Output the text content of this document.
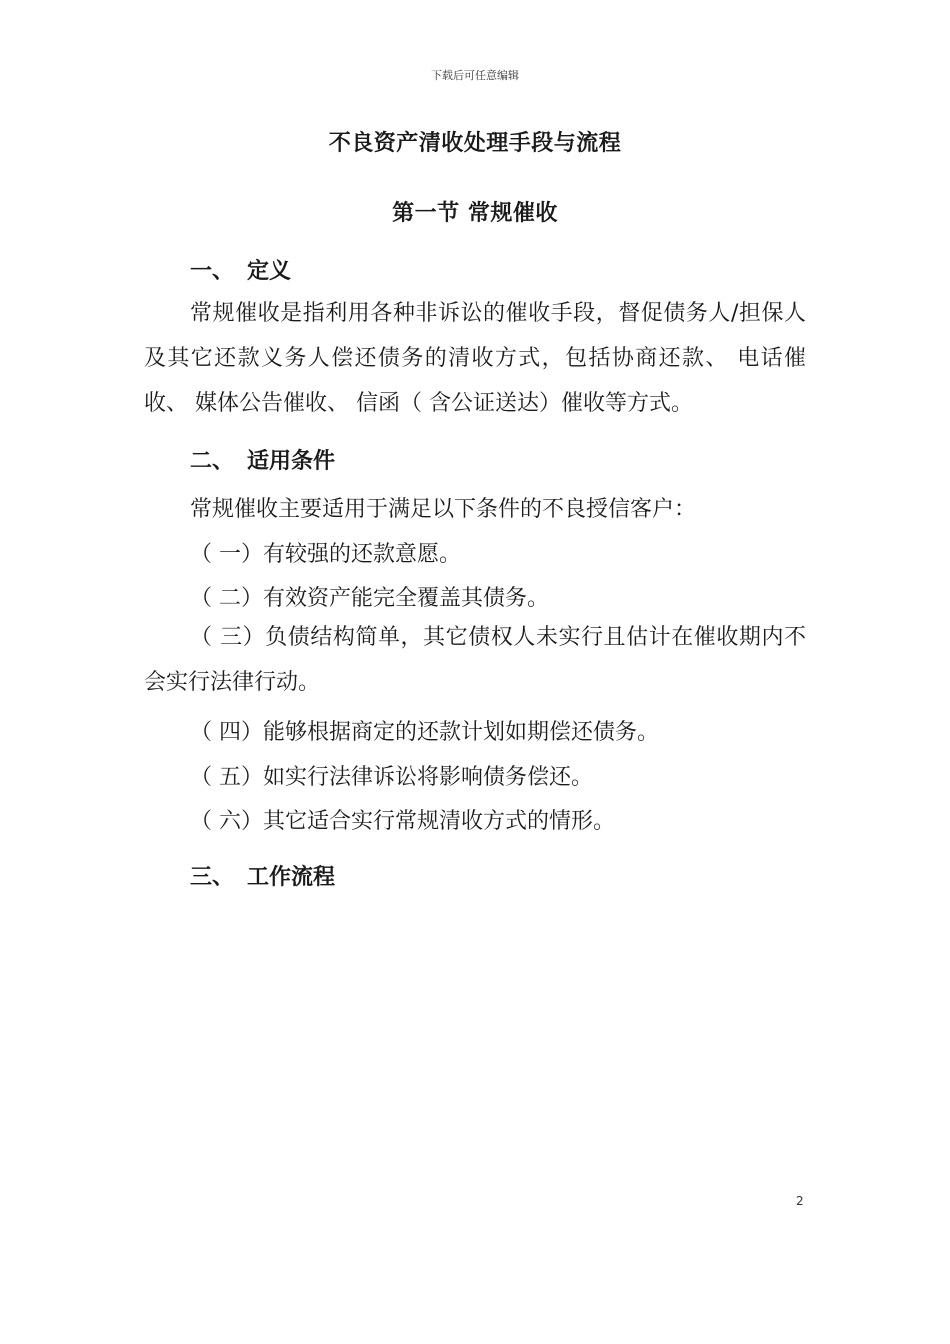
下载后可任意编辑
不良资产清收处理手段与流程
第一节 常规催收
一、 定义
常规催收是指利用各种非诉讼的催收手段，督促债务人/担保人及其它还款义务人偿还债务的清收方式，包括协商还款、 电话催收、 媒体公告催收、 信函（ 含公证送达）催收等方式。
二、 适用条件
常规催收主要适用于满足以下条件的不良授信客户：
（ 一）有较强的还款意愿。
（ 二）有效资产能完全覆盖其债务。
（ 三）负债结构简单，其它债权人未实行且估计在催收期内不会实行法律行动。
（ 四）能够根据商定的还款计划如期偿还债务。
（ 五）如实行法律诉讼将影响债务偿还。
（ 六）其它适合实行常规清收方式的情形。
三、 工作流程
2
